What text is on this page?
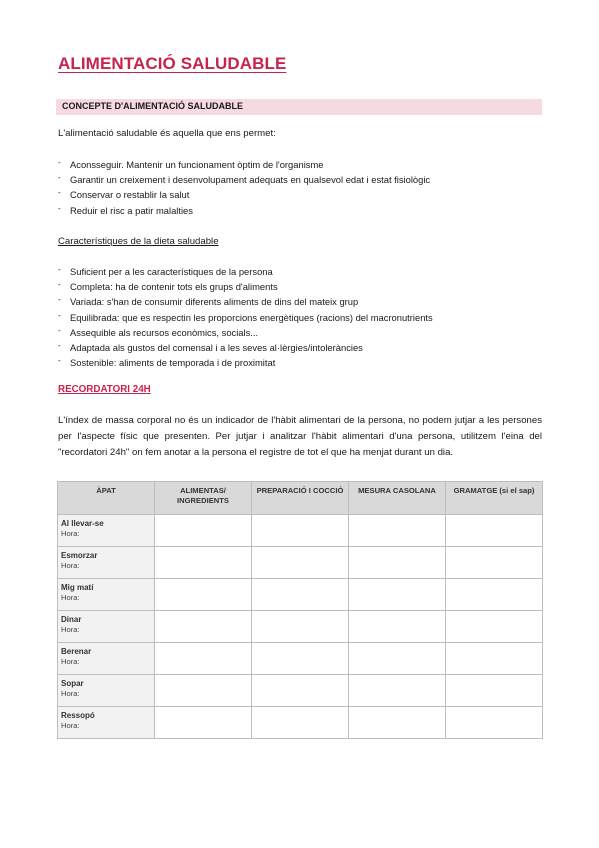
ALIMENTACIÓ SALUDABLE
CONCEPTE D'ALIMENTACIÓ SALUDABLE

L'alimentació saludable és aquella que ens permet:

- Aconsseguir. Mantenir un funcionament òptim de l'organisme
- Garantir un creixement i desenvolupament adequats en qualsevol edat i estat fisiològic
- Conservar o restablir la salut
- Reduir el risc a patir malalties

Característiques de la dieta saludable

- Suficient per a les característiques de la persona
- Completa: ha de contenir tots els grups d'aliments
- Variada: s'han de consumir diferents aliments de dins del mateix grup
- Equilibrada: que es respectin les proporcions energètiques (racions) del macronutrients
- Assequible als recursos econòmics, socials...
- Adaptada als gustos del comensal i a les seves al·lèrgies/intoleràncies
- Sostenible: aliments de temporada i de proximitat

RECORDATORI 24H

L'índex de massa corporal no és un indicador de l'hàbit alimentari de la persona, no podem jutjar a les persones per l'aspecte físic que presenten. Per jutjar i analitzar l'hàbit alimentari d'una persona, utilitzem l'eina del "recordatori 24h" on fem anotar a la persona el registre de tot el que ha menjat durant un dia.

ÀPAT	ALIMENTAS/ INGREDIENTS	PREPARACIÓ I COCCIÓ	MESURA CASOLANA	GRAMATGE (si el sap)

Al llevar-se
Hora:				

Esmorzar
Hora:				

Mig matí
Hora:				

Dinar
Hora:				

Berenar
Hora:				

Sopar
Hora:				

Ressopó
Hora:				
